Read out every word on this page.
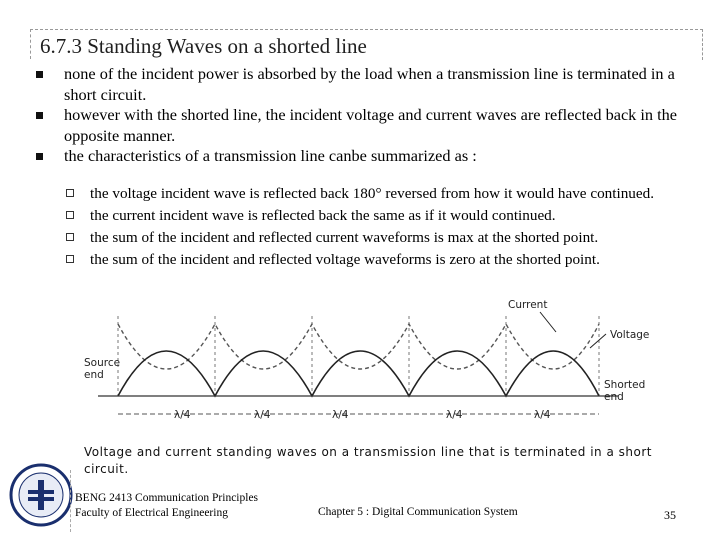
6.7.3 Standing Waves on a shorted line
none of the incident power is absorbed by the load when a transmission line is terminated in a short circuit.
however with the shorted line, the incident voltage and current waves are reflected back in the opposite manner.
the characteristics of a transmission line canbe summarized as :
the voltage incident wave is reflected back 180° reversed from how it would have continued.
the current incident wave is reflected back the same as if it would continued.
the sum of the incident and reflected current waveforms is max at the shorted point.
the sum of the incident and reflected voltage waveforms is zero at the shorted point.
λ/4	λ/4	λ/4	λ/4	λ/4
Source
end
Shorted
end
Current
Voltage
Voltage and current standing waves on a transmission line that is terminated in a short circuit.
BENG 2413 Communication Principles
Faculty of Electrical Engineering	Chapter 5 : Digital Communication System	35
